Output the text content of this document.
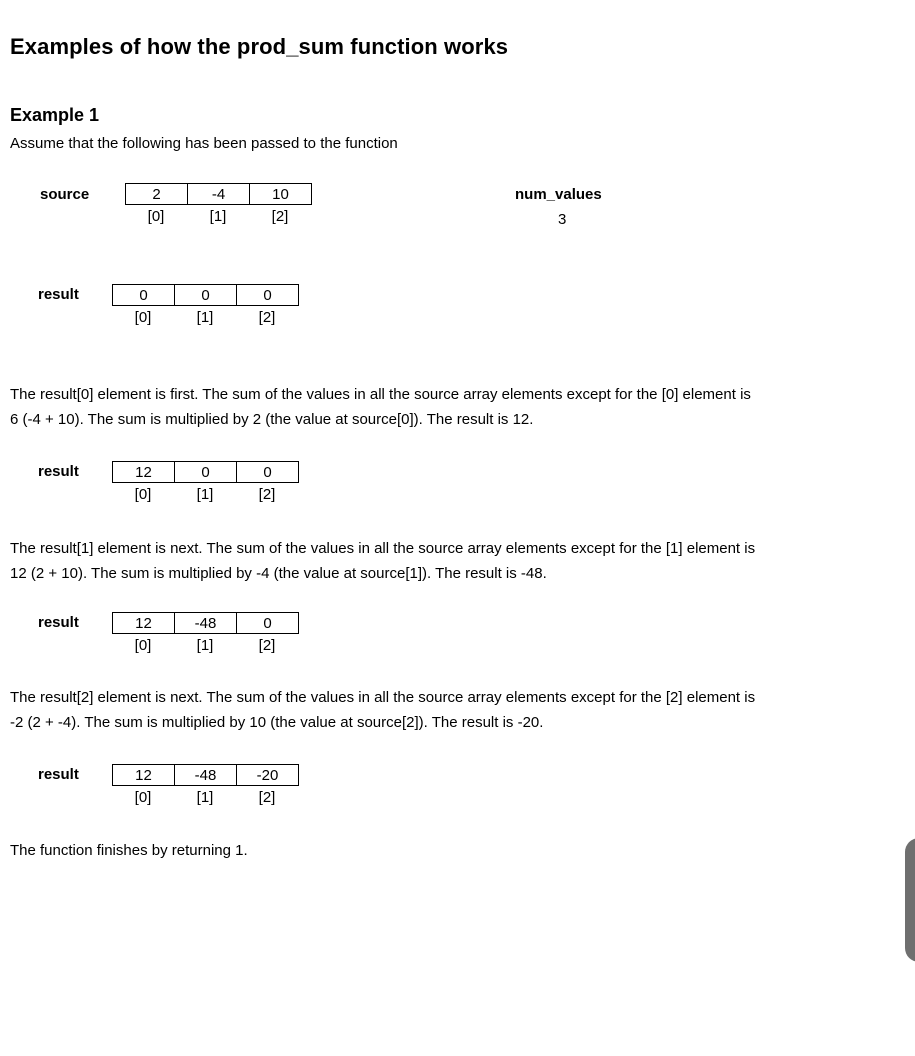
Examples of how the prod_sum function works
Example 1
Assume that the following has been passed to the function
source	2	-4	10
[0]	[1]	[2]
num_values
3
result	0	0	0
[0]	[1]	[2]
The result[0] element is first. The sum of the values in all the source array elements except for the [0] element is
6 (-4 + 10). The sum is multiplied by 2 (the value at source[0]). The result is 12.
result	12	0	0
[0]	[1]	[2]
The result[1] element is next. The sum of the values in all the source array elements except for the [1] element is
12 (2 + 10). The sum is multiplied by -4 (the value at source[1]). The result is -48.
result	12	-48	0
[0]	[1]	[2]
The result[2] element is next. The sum of the values in all the source array elements except for the [2] element is
-2 (2 + -4). The sum is multiplied by 10 (the value at source[2]). The result is -20.
result	12	-48	-20
[0]	[1]	[2]
The function finishes by returning 1.
